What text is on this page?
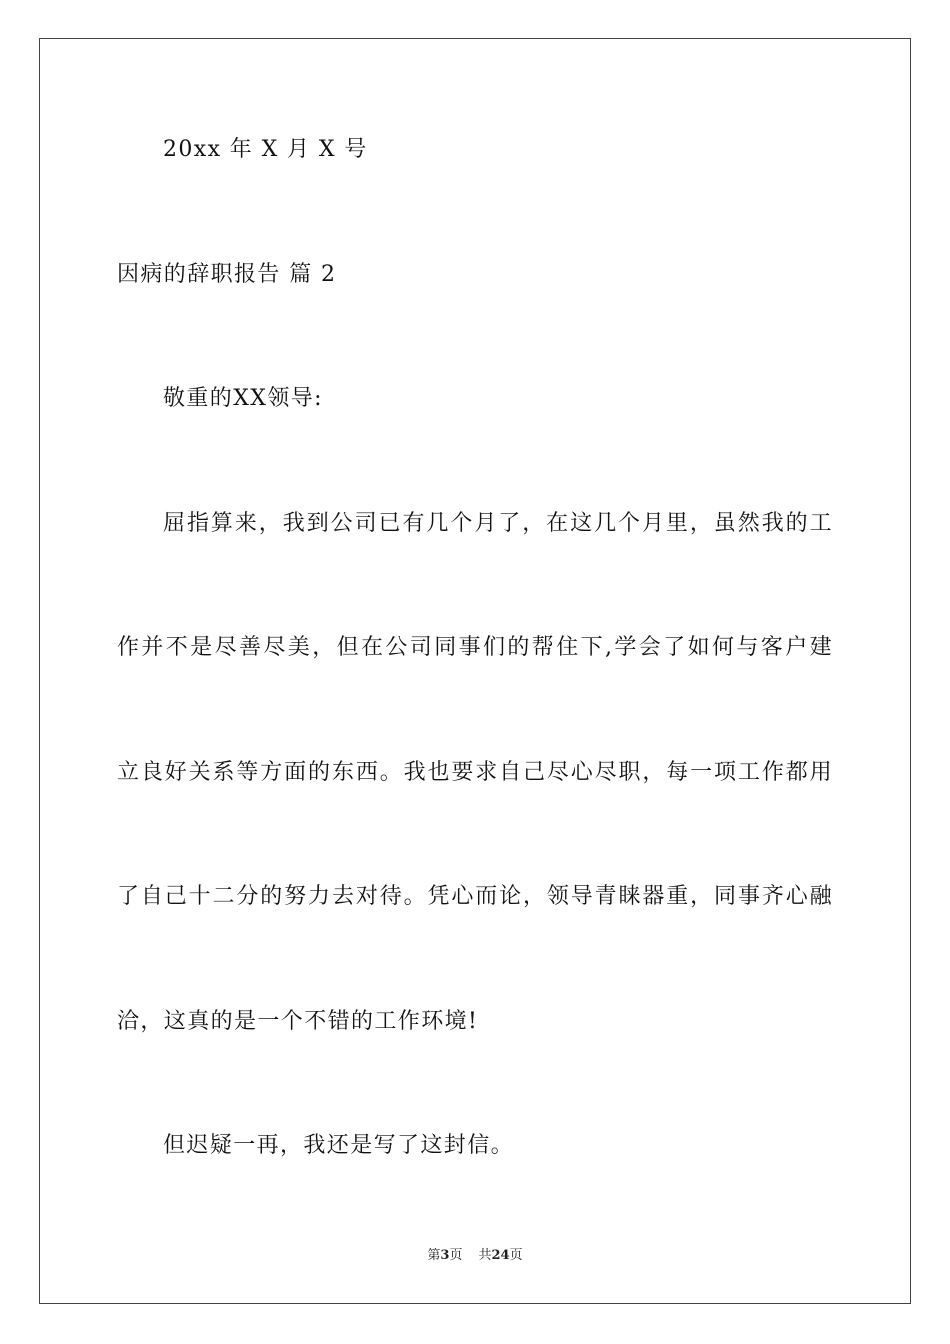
20xx 年 X 月 X 号
因病的辞职报告 篇 2
敬重的XX领导:
屈指算来，我到公司已有几个月了，在这几个月里，虽然我的工
作并不是尽善尽美，但在公司同事们的帮住下,学会了如何与客户建
立良好关系等方面的东西。我也要求自己尽心尽职，每一项工作都用
了自己十二分的努力去对待。凭心而论，领导青睐器重，同事齐心融
洽，这真的是一个不错的工作环境!
但迟疑一再，我还是写了这封信。
第3页 共24页
